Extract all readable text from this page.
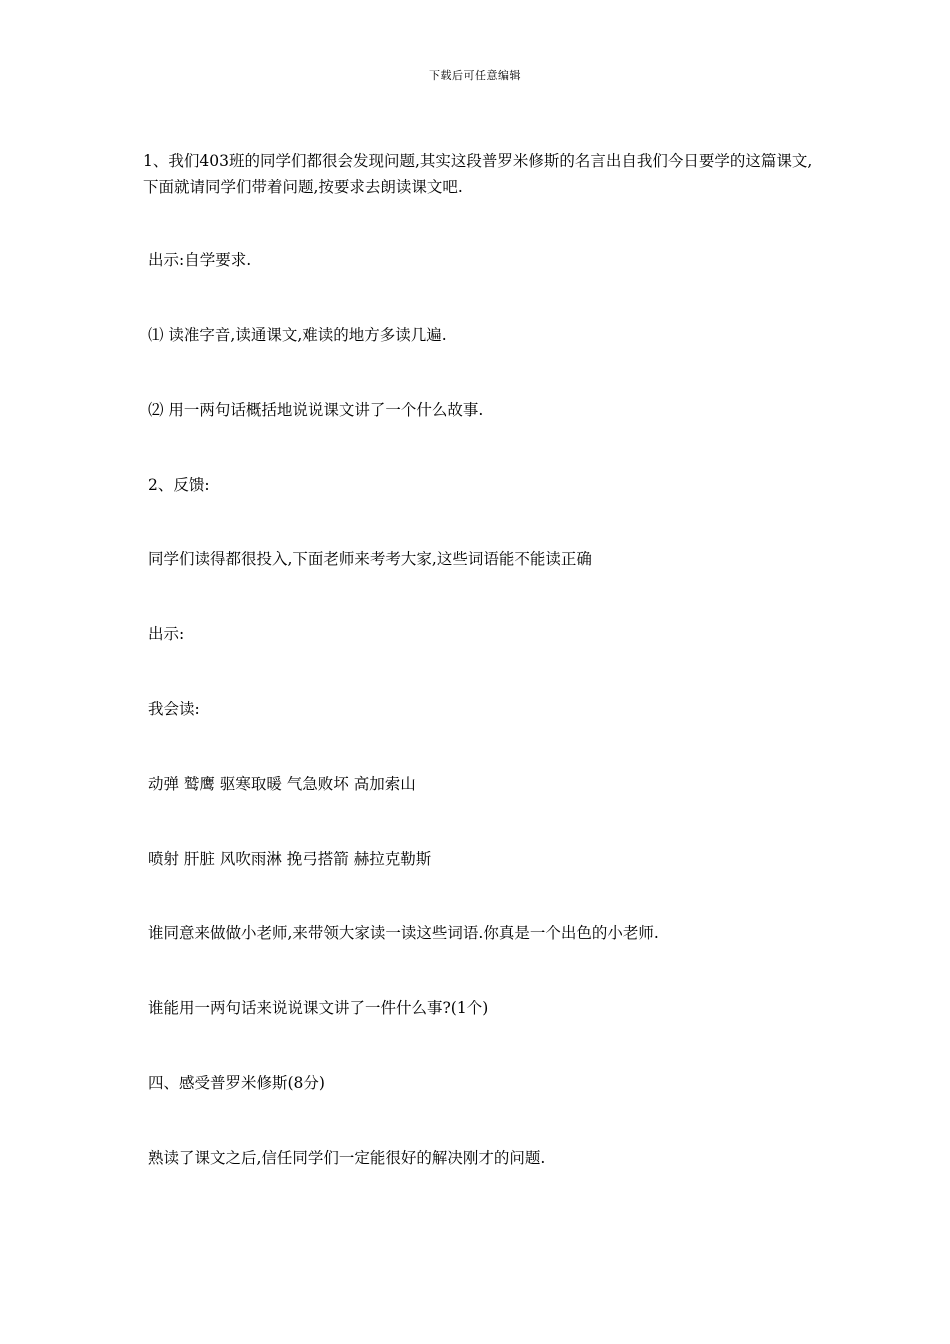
下载后可任意编辑
1、我们403班的同学们都很会发现问题,其实这段普罗米修斯的名言出自我们今日要学的这篇课文,下面就请同学们带着问题,按要求去朗读课文吧.
出示:自学要求.
⑴ 读准字音,读通课文,难读的地方多读几遍.
⑵ 用一两句话概括地说说课文讲了一个什么故事.
2、反馈:
同学们读得都很投入,下面老师来考考大家,这些词语能不能读正确
出示:
我会读:
动弹 鹫鹰 驱寒取暖 气急败坏 高加索山
喷射 肝脏 风吹雨淋 挽弓搭箭 赫拉克勒斯
谁同意来做做小老师,来带领大家读一读这些词语.你真是一个出色的小老师.
谁能用一两句话来说说课文讲了一件什么事?(1个)
四、感受普罗米修斯(8分)
熟读了课文之后,信任同学们一定能很好的解决刚才的问题.
